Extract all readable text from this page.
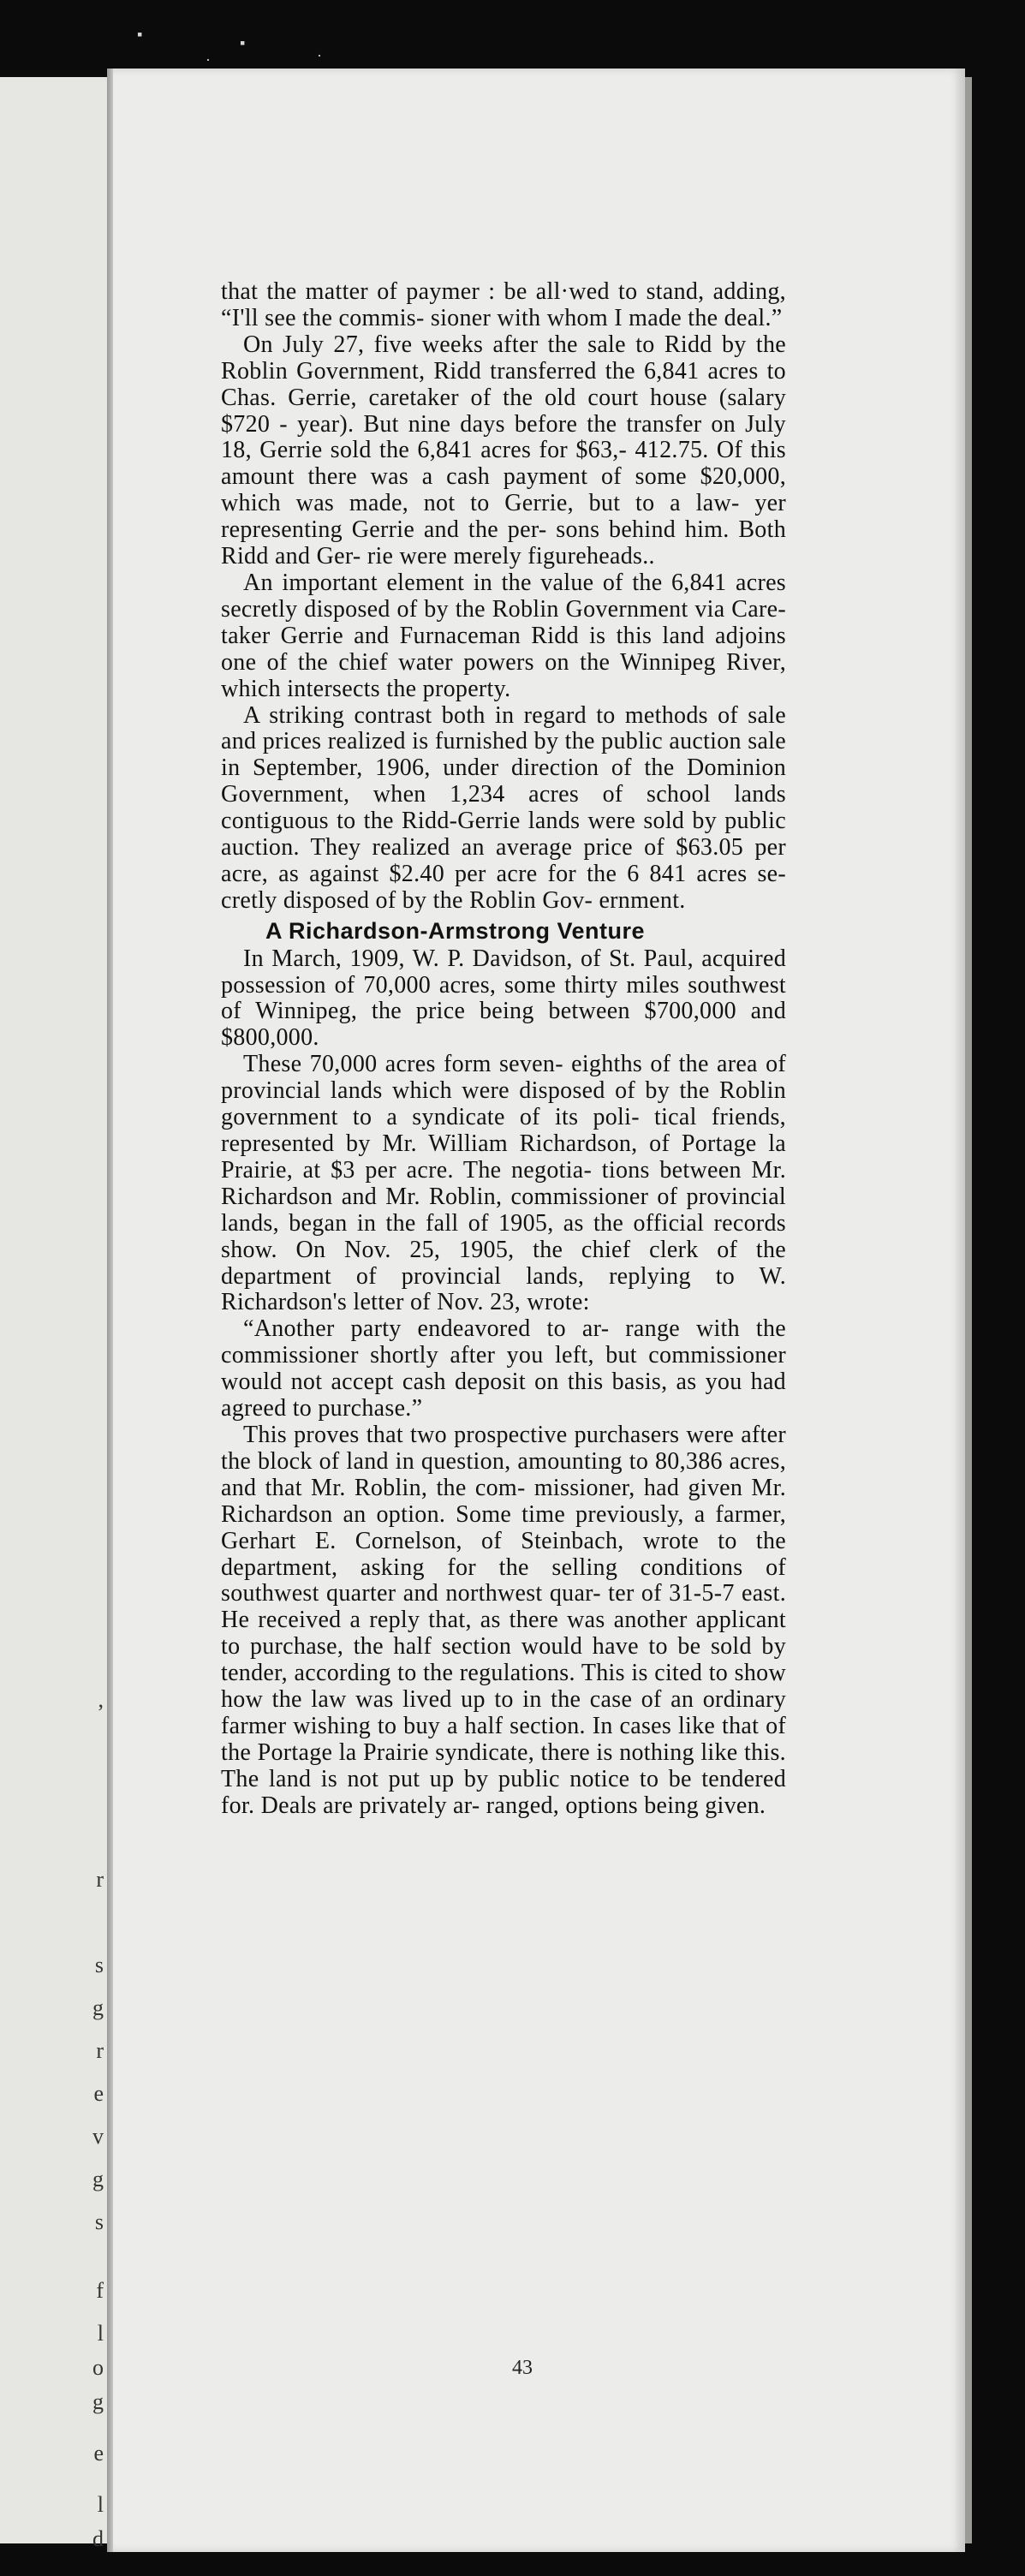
▪
·
▪
·
,
r
s
g
r
e
v
g
s
f
l
o
g
e
l
d

that the matter of paymer : be all·wed to stand, adding, “I'll see the commis- sioner with whom I made the deal.”

On July 27, five weeks after the sale to Ridd by the Roblin Government, Ridd transferred the 6,841 acres to Chas. Gerrie, caretaker of the old court house (salary $720 - year). But nine days before the transfer on July 18, Gerrie sold the 6,841 acres for $63,- 412.75. Of this amount there was a cash payment of some $20,000, which was made, not to Gerrie, but to a law- yer representing Gerrie and the per- sons behind him. Both Ridd and Ger- rie were merely figureheads..

An important element in the value of the 6,841 acres secretly disposed of by the Roblin Government via Care- taker Gerrie and Furnaceman Ridd is this land adjoins one of the chief water powers on the Winnipeg River, which intersects the property.

A striking contrast both in regard to methods of sale and prices realized is furnished by the public auction sale in September, 1906, under direction of the Dominion Government, when 1,234 acres of school lands contiguous to the Ridd-Gerrie lands were sold by public auction. They realized an average price of $63.05 per acre, as against $2.40 per acre for the 6 841 acres se- cretly disposed of by the Roblin Gov- ernment.

A Richardson-Armstrong Venture

In March, 1909, W. P. Davidson, of St. Paul, acquired possession of 70,000 acres, some thirty miles southwest of Winnipeg, the price being between $700,000 and $800,000.

These 70,000 acres form seven- eighths of the area of provincial lands which were disposed of by the Roblin government to a syndicate of its poli- tical friends, represented by Mr. William Richardson, of Portage la Prairie, at $3 per acre. The negotia- tions between Mr. Richardson and Mr. Roblin, commissioner of provincial lands, began in the fall of 1905, as the official records show. On Nov. 25, 1905, the chief clerk of the department of provincial lands, replying to W. Richardson's letter of Nov. 23, wrote:

“Another party endeavored to ar- range with the commissioner shortly after you left, but commissioner would not accept cash deposit on this basis, as you had agreed to purchase.”

This proves that two prospective purchasers were after the block of land in question, amounting to 80,386 acres, and that Mr. Roblin, the com- missioner, had given Mr. Richardson an option. Some time previously, a farmer, Gerhart E. Cornelson, of Steinbach, wrote to the department, asking for the selling conditions of southwest quarter and northwest quar- ter of 31-5-7 east. He received a reply that, as there was another applicant to purchase, the half section would have to be sold by tender, according to the regulations. This is cited to show how the law was lived up to in the case of an ordinary farmer wishing to buy a half section. In cases like that of the Portage la Prairie syndicate, there is nothing like this. The land is not put up by public notice to be tendered for. Deals are privately ar- ranged, options being given.

43
